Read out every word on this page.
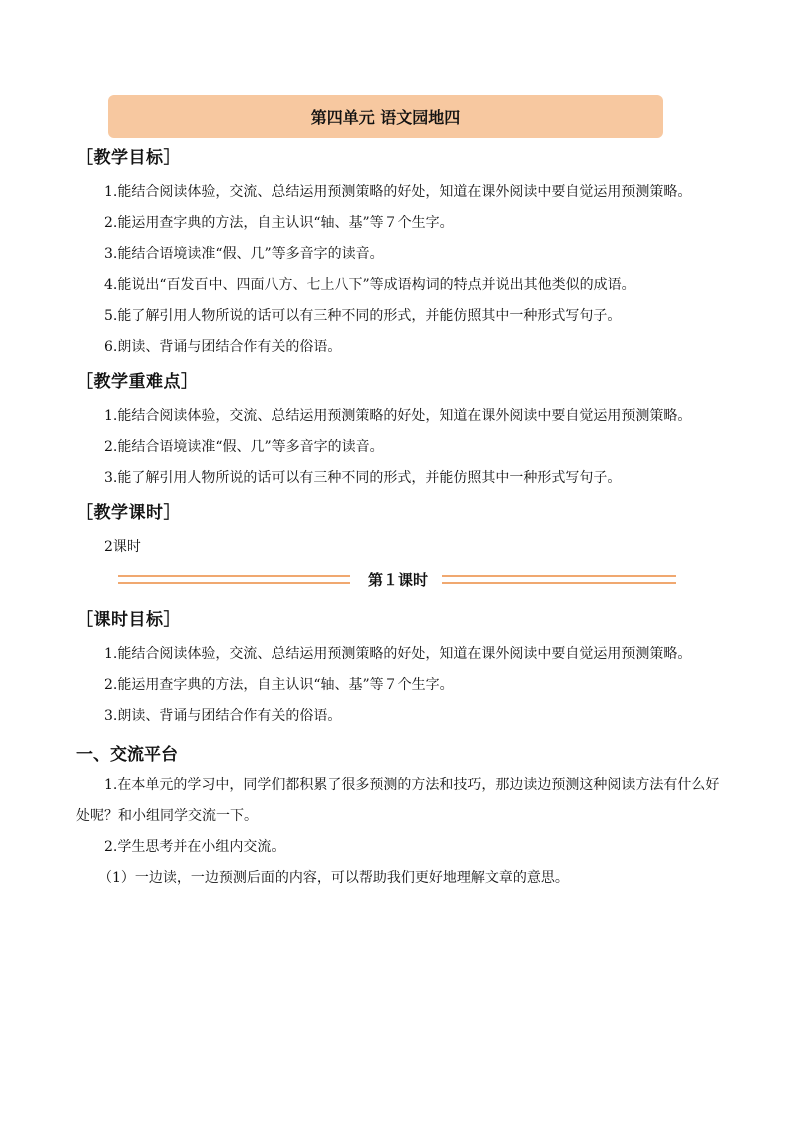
第四单元 语文园地四
［教学目标］

1.能结合阅读体验，交流、总结运用预测策略的好处，知道在课外阅读中要自觉运用预测策略。

2.能运用查字典的方法，自主认识“轴、基”等７个生字。

3.能结合语境读准“假、几”等多音字的读音。

4.能说出“百发百中、四面八方、七上八下”等成语构词的特点并说出其他类似的成语。

5.能了解引用人物所说的话可以有三种不同的形式，并能仿照其中一种形式写句子。

6.朗读、背诵与团结合作有关的俗语。

［教学重难点］

1.能结合阅读体验，交流、总结运用预测策略的好处，知道在课外阅读中要自觉运用预测策略。

2.能结合语境读准“假、几”等多音字的读音。

3.能了解引用人物所说的话可以有三种不同的形式，并能仿照其中一种形式写句子。

［教学课时］

2课时

第１课时
［课时目标］

1.能结合阅读体验，交流、总结运用预测策略的好处，知道在课外阅读中要自觉运用预测策略。

2.能运用查字典的方法，自主认识“轴、基”等７个生字。

3.朗读、背诵与团结合作有关的俗语。

一、交流平台

1.在本单元的学习中，同学们都积累了很多预测的方法和技巧，那边读边预测这种阅读方法有什么好处呢？和小组同学交流一下。

2.学生思考并在小组内交流。

（1）一边读，一边预测后面的内容，可以帮助我们更好地理解文章的意思。
